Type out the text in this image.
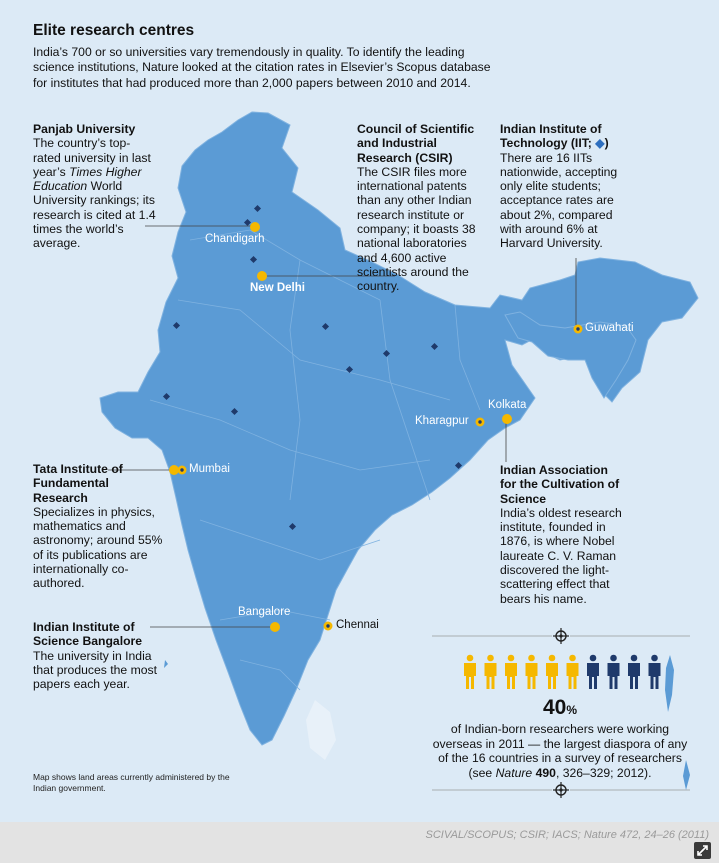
Elite research centres
India’s 700 or so universities vary tremendously in quality. To identify the leading science institutions, Nature looked at the citation rates in Elsevier’s Scopus database for institutes that had produced more than 2,000 papers between 2010 and 2014.
Panjab University
The country’s top-rated university in last year’s Times Higher Education World University rankings; its research is cited at 1.4 times the world’s average.
Council of Scientific and Industrial Research (CSIR)
The CSIR files more international patents than any other Indian research institute or company; it boasts 38 national laboratories and 4,600 active scientists around the country.
Indian Institute of Technology (IIT; ◆)
There are 16 IITs nationwide, accepting only elite students; acceptance rates are about 2%, compared with around 6% at Harvard University.
Tata Institute of Fundamental Research
Specializes in physics, mathematics and astronomy; around 55% of its publications are internationally co-authored.
Indian Association for the Cultivation of Science
India’s oldest research institute, founded in 1876, is where Nobel laureate C. V. Raman discovered the light-scattering effect that bears his name.
Indian Institute of Science Bangalore
The university in India that produces the most papers each year.
Chandigarh
New Delhi
Guwahati
Kolkata
Kharagpur
Mumbai
Bangalore
Chennai
40%
of Indian-born researchers were working overseas in 2011 — the largest diaspora of any of the 16 countries in a survey of researchers (see Nature 490, 326–329; 2012).
Map shows land areas currently administered by the Indian government.
SCIVAL/SCOPUS; CSIR; IACS; Nature 472, 24–26 (2011)
